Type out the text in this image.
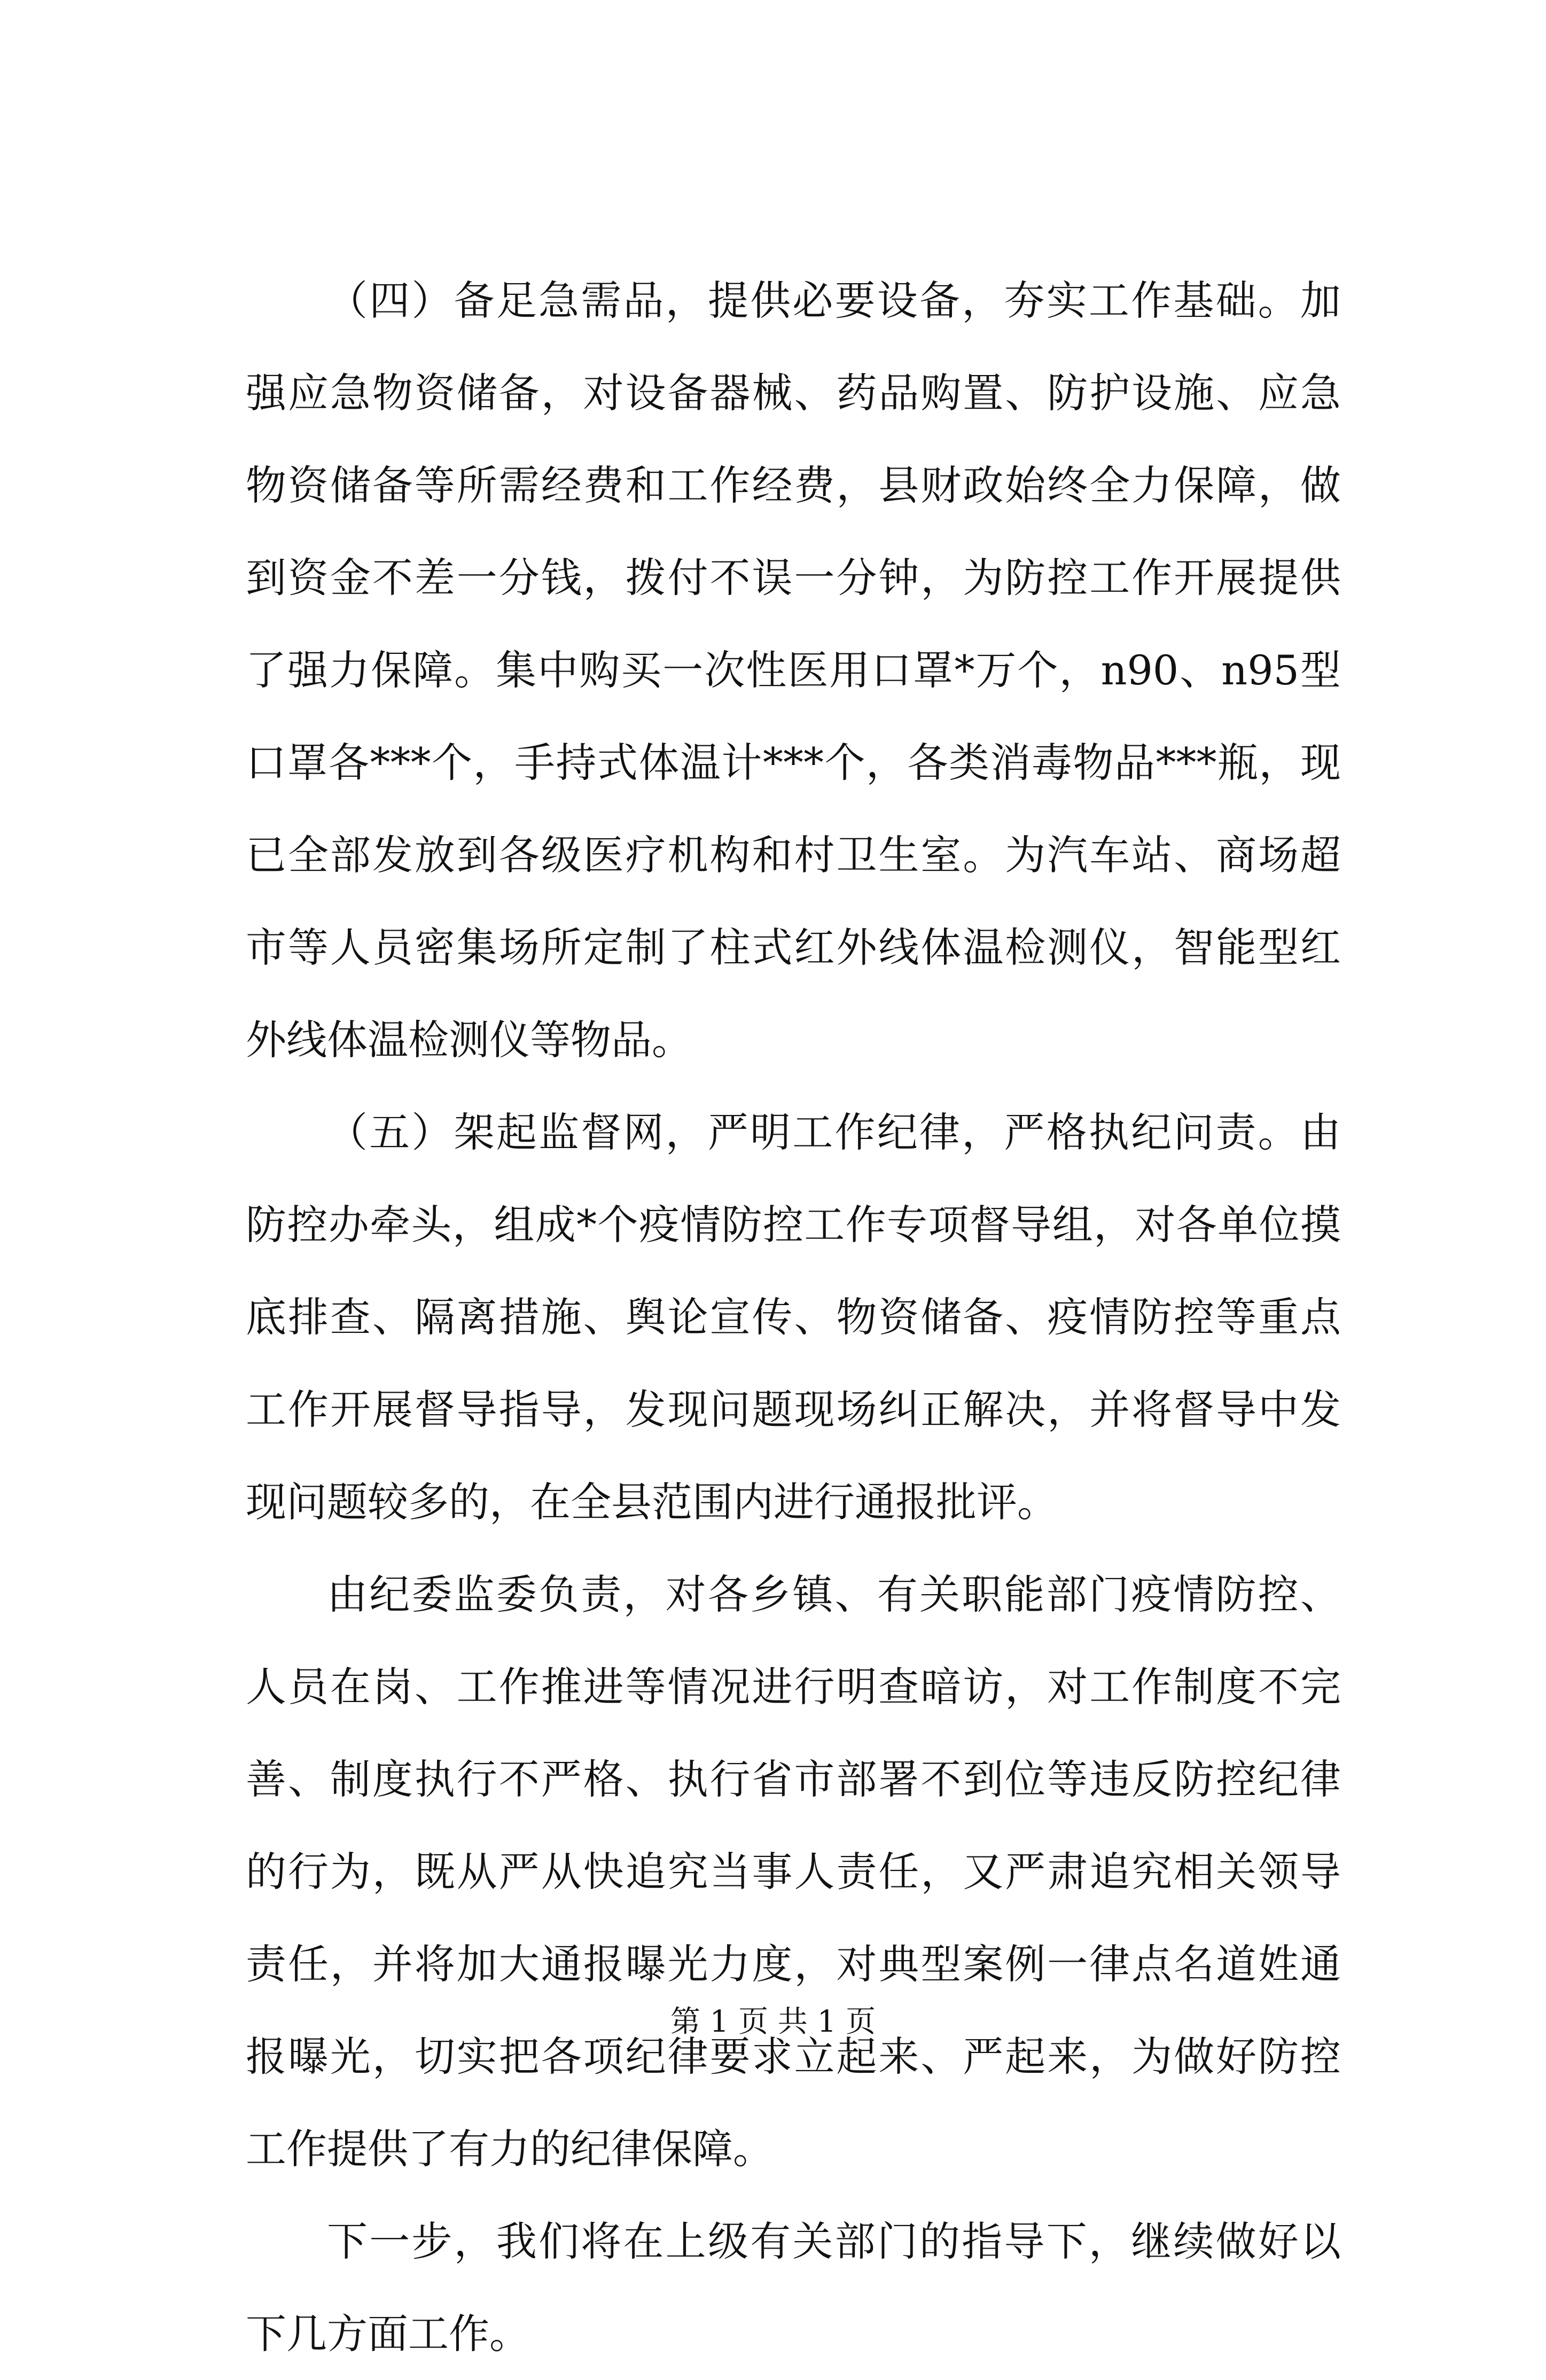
（四）备足急需品，提供必要设备，夯实工作基础。加强应急物资储备，对设备器械、药品购置、防护设施、应急物资储备等所需经费和工作经费，县财政始终全力保障，做到资金不差一分钱，拨付不误一分钟，为防控工作开展提供了强力保障。集中购买一次性医用口罩*万个，n90、n95型口罩各***个，手持式体温计***个，各类消毒物品***瓶，现已全部发放到各级医疗机构和村卫生室。为汽车站、商场超市等人员密集场所定制了柱式红外线体温检测仪，智能型红外线体温检测仪等物品。

（五）架起监督网，严明工作纪律，严格执纪问责。由防控办牵头，组成*个疫情防控工作专项督导组，对各单位摸底排查、隔离措施、舆论宣传、物资储备、疫情防控等重点工作开展督导指导，发现问题现场纠正解决，并将督导中发现问题较多的，在全县范围内进行通报批评。

由纪委监委负责，对各乡镇、有关职能部门疫情防控、人员在岗、工作推进等情况进行明查暗访，对工作制度不完善、制度执行不严格、执行省市部署不到位等违反防控纪律的行为，既从严从快追究当事人责任，又严肃追究相关领导责任，并将加大通报曝光力度，对典型案例一律点名道姓通报曝光，切实把各项纪律要求立起来、严起来，为做好防控工作提供了有力的纪律保障。

下一步，我们将在上级有关部门的指导下，继续做好以下几方面工作。

第 1 页 共 1 页
